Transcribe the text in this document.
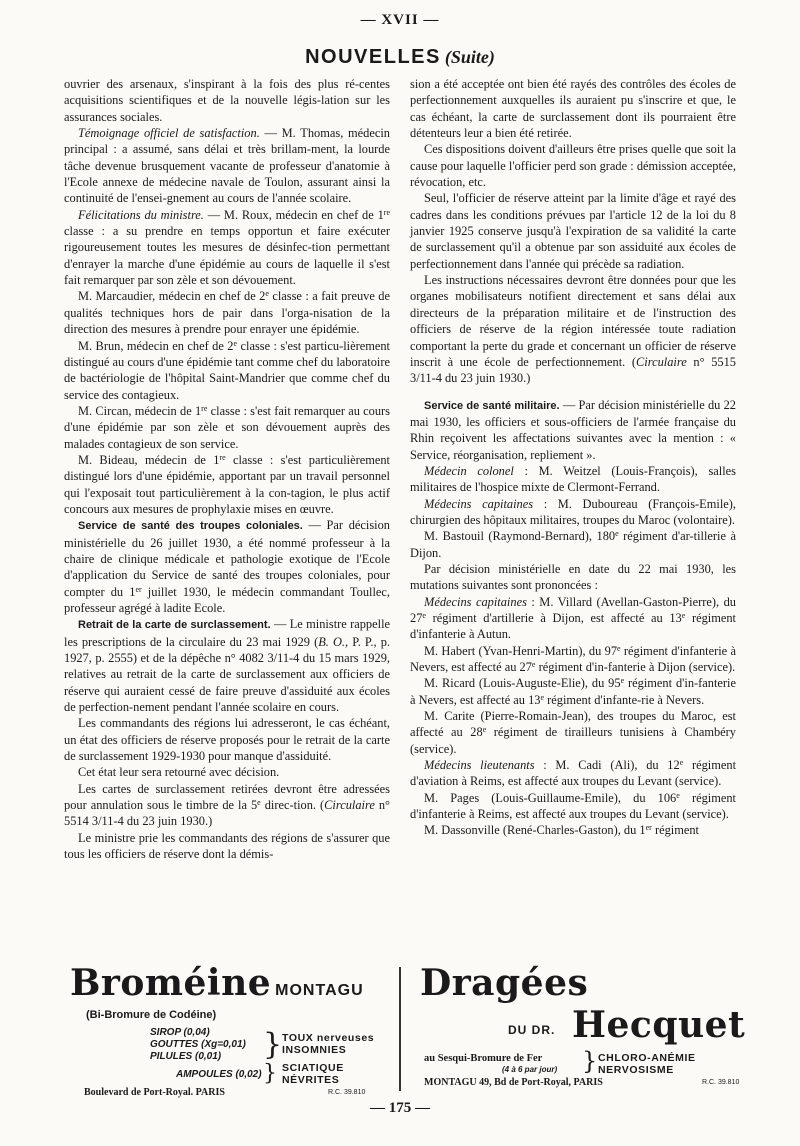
— XVII —
NOUVELLES (Suite)

ouvrier des arsenaux, s'inspirant à la fois des plus ré-centes acquisitions scientifiques et de la nouvelle légis-lation sur les assurances sociales.

Témoignage officiel de satisfaction. — M. Thomas, médecin principal : a assumé, sans délai et très brillam-ment, la lourde tâche devenue brusquement vacante de professeur d'anatomie à l'Ecole annexe de médecine navale de Toulon, assurant ainsi la continuité de l'ensei-gnement au cours de l'année scolaire.

Félicitations du ministre. — M. Roux, médecin en chef de 1re classe : a su prendre en temps opportun et faire exécuter rigoureusement toutes les mesures de désinfec-tion permettant d'enrayer la marche d'une épidémie au cours de laquelle il s'est fait remarquer par son zèle et son dévouement.

M. Marcaudier, médecin en chef de 2e classe : a fait preuve de qualités techniques hors de pair dans l'orga-nisation de la direction des mesures à prendre pour enrayer une épidémie.

M. Brun, médecin en chef de 2e classe : s'est particu-lièrement distingué au cours d'une épidémie tant comme chef du laboratoire de bactériologie de l'hôpital Saint-Mandrier que comme chef du service des contagieux.

M. Circan, médecin de 1re classe : s'est fait remarquer au cours d'une épidémie par son zèle et son dévouement auprès des malades contagieux de son service.

M. Bideau, médecin de 1re classe : s'est particulièrement distingué lors d'une épidémie, apportant par un travail personnel qui l'exposait tout particulièrement à la con-tagion, le plus actif concours aux mesures de prophylaxie mises en œuvre.

Service de santé des troupes coloniales. — Par décision ministérielle du 26 juillet 1930, a été nommé professeur à la chaire de clinique médicale et pathologie exotique de l'Ecole d'application du Service de santé des troupes coloniales, pour compter du 1er juillet 1930, le médecin commandant Toullec, professeur agrégé à ladite Ecole.

Retrait de la carte de surclassement. — Le ministre rappelle les prescriptions de la circulaire du 23 mai 1929 (B. O., P. P., p. 1927, p. 2555) et de la dépêche n° 4082 3/11-4 du 15 mars 1929, relatives au retrait de la carte de surclassement aux officiers de réserve qui auraient cessé de faire preuve d'assiduité aux écoles de perfection-nement pendant l'année scolaire en cours.

Les commandants des régions lui adresseront, le cas échéant, un état des officiers de réserve proposés pour le retrait de la carte de surclassement 1929-1930 pour manque d'assiduité.

Cet état leur sera retourné avec décision.

Les cartes de surclassement retirées devront être adressées pour annulation sous le timbre de la 5e direc-tion. (Circulaire n° 5514 3/11-4 du 23 juin 1930.)

Le ministre prie les commandants des régions de s'assurer que tous les officiers de réserve dont la démis-

sion a été acceptée ont bien été rayés des contrôles des écoles de perfectionnement auxquelles ils auraient pu s'inscrire et que, le cas échéant, la carte de surclassement dont ils pourraient être détenteurs leur a bien été retirée.

Ces dispositions doivent d'ailleurs être prises quelle que soit la cause pour laquelle l'officier perd son grade : démission acceptée, révocation, etc.

Seul, l'officier de réserve atteint par la limite d'âge et rayé des cadres dans les conditions prévues par l'article 12 de la loi du 8 janvier 1925 conserve jusqu'à l'expiration de sa validité la carte de surclassement qu'il a obtenue par son assiduité aux écoles de perfectionnement dans l'année qui précède sa radiation.

Les instructions nécessaires devront être données pour que les organes mobilisateurs notifient directement et sans délai aux directeurs de la préparation militaire et de l'instruction des officiers de réserve de la région intéressée toute radiation comportant la perte du grade et concernant un officier de réserve inscrit à une école de perfectionnement. (Circulaire n° 5515 3/11-4 du 23 juin 1930.)

Service de santé militaire. — Par décision ministérielle du 22 mai 1930, les officiers et sous-officiers de l'armée française du Rhin reçoivent les affectations suivantes avec la mention : « Service, réorganisation, repliement ».

Médecin colonel : M. Weitzel (Louis-François), salles militaires de l'hospice mixte de Clermont-Ferrand.

Médecins capitaines : M. Duboureau (François-Emile), chirurgien des hôpitaux militaires, troupes du Maroc (volontaire).

M. Bastouil (Raymond-Bernard), 180e régiment d'ar-tillerie à Dijon.

Par décision ministérielle en date du 22 mai 1930, les mutations suivantes sont prononcées :

Médecins capitaines : M. Villard (Avellan-Gaston-Pierre), du 27e régiment d'artillerie à Dijon, est affecté au 13e régiment d'infanterie à Autun.

M. Habert (Yvan-Henri-Martin), du 97e régiment d'infanterie à Nevers, est affecté au 27e régiment d'in-fanterie à Dijon (service).

M. Ricard (Louis-Auguste-Elie), du 95e régiment d'in-fanterie à Nevers, est affecté au 13e régiment d'infante-rie à Nevers.

M. Carite (Pierre-Romain-Jean), des troupes du Maroc, est affecté au 28e régiment de tirailleurs tunisiens à Chambéry (service).

Médecins lieutenants : M. Cadi (Ali), du 12e régiment d'aviation à Reims, est affecté aux troupes du Levant (service).

M. Pages (Louis-Guillaume-Emile), du 106e régiment d'infanterie à Reims, est affecté aux troupes du Levant (service).

M. Dassonville (René-Charles-Gaston), du 1er régiment

Broméine MONTAGU
(Bi-Bromure de Codéine)
SIROP (0,04)
GOUTTES (Xg=0,01)
PILULES (0,01)
AMPOULES (0,02)
}
}
TOUX nerveuses
INSOMNIES
SCIATIQUE
NÉVRITES
Boulevard de Port-Royal. PARIS	R.C. 39.810
Dragées
DU DR. Hecquet
au Sesqui-Bromure de Fer
(4 à 6 par jour) } CHLORO-ANÉMIE
NERVOSISME
MONTAGU 49, Bd de Port-Royal, PARIS	R.C. 39.810
— 175 —
